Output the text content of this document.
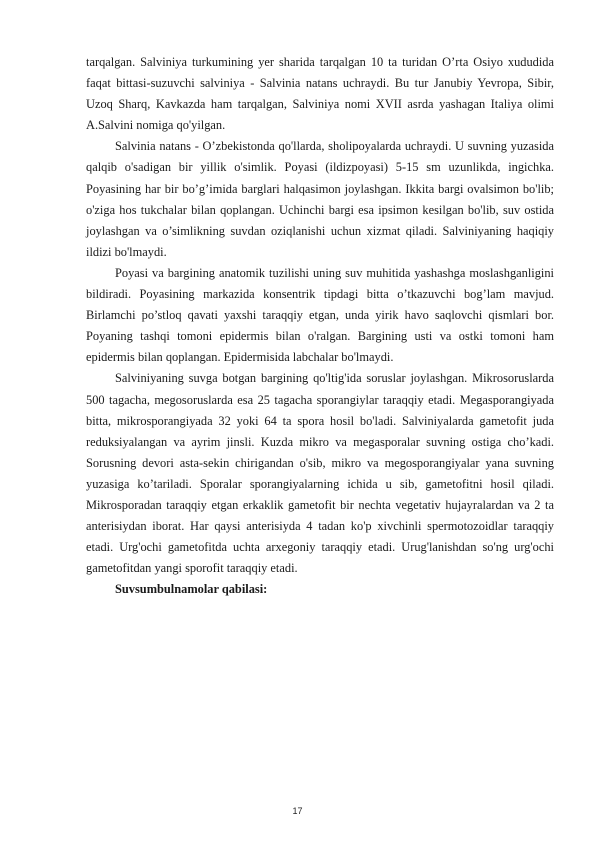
tarqalgan. Salviniya turkumining yer sharida tarqalgan 10 ta turidan O’rta Osiyo xududida faqat bittasi-suzuvchi salviniya - Salvinia natans uchraydi. Bu tur Janubiy Yevropa, Sibir, Uzoq Sharq, Kavkazda ham tarqalgan, Salviniya nomi XVII asrda yashagan Italiya olimi A.Salvini nomiga qo'yilgan.

Salvinia natans - O’zbekistonda qo'llarda, sholipoyalarda uchraydi. U suvning yuzasida qalqib o'sadigan bir yillik o'simlik. Poyasi (ildizpoyasi) 5-15 sm uzunlikda, ingichka. Poyasining har bir bo’g’imida barglari halqasimon joylashgan. Ikkita bargi ovalsimon bo'lib; o'ziga hos tukchalar bilan qoplangan. Uchinchi bargi esa ipsimon kesilgan bo'lib, suv ostida joylashgan va o’simlikning suvdan oziqlanishi uchun xizmat qiladi. Salviniyaning haqiqiy ildizi bo'lmaydi.

Poyasi va bargining anatomik tuzilishi uning suv muhitida yashashga moslashganligini bildiradi. Poyasining markazida konsentrik tipdagi bitta o’tkazuvchi bog’lam mavjud. Birlamchi po’stloq qavati yaxshi taraqqiy etgan, unda yirik havo saqlovchi qismlari bor. Poyaning tashqi tomoni epidermis bilan o'ralgan. Bargining usti va ostki tomoni ham epidermis bilan qoplangan. Epidermisida labchalar bo'lmaydi.

Salviniyaning suvga botgan bargining qo'ltig'ida soruslar joylashgan. Mikrosoruslarda 500 tagacha, megosoruslarda esa 25 tagacha sporangiylar taraqqiy etadi. Megasporangiyada bitta, mikrosporangiyada 32 yoki 64 ta spora hosil bo'ladi. Salviniyalarda gametofit juda reduksiyalangan va ayrim jinsli. Kuzda mikro va megasporalar suvning ostiga cho’kadi. Sorusning devori asta-sekin chirigandan o'sib, mikro va megosporangiyalar yana suvning yuzasiga ko’tariladi. Sporalar sporangiyalarning ichida u sib, gametofitni hosil qiladi. Mikrosporadan taraqqiy etgan erkaklik gametofit bir nechta vegetativ hujayralardan va 2 ta anterisiydan iborat. Har qaysi anterisiyda 4 tadan ko'p xivchinli spermotozoidlar taraqqiy etadi. Urg'ochi gametofitda uchta arxegoniy taraqqiy etadi. Urug'lanishdan so'ng urg'ochi gametofitdan yangi sporofit taraqqiy etadi.

Suvsumbulnamolar qabilasi:

17
